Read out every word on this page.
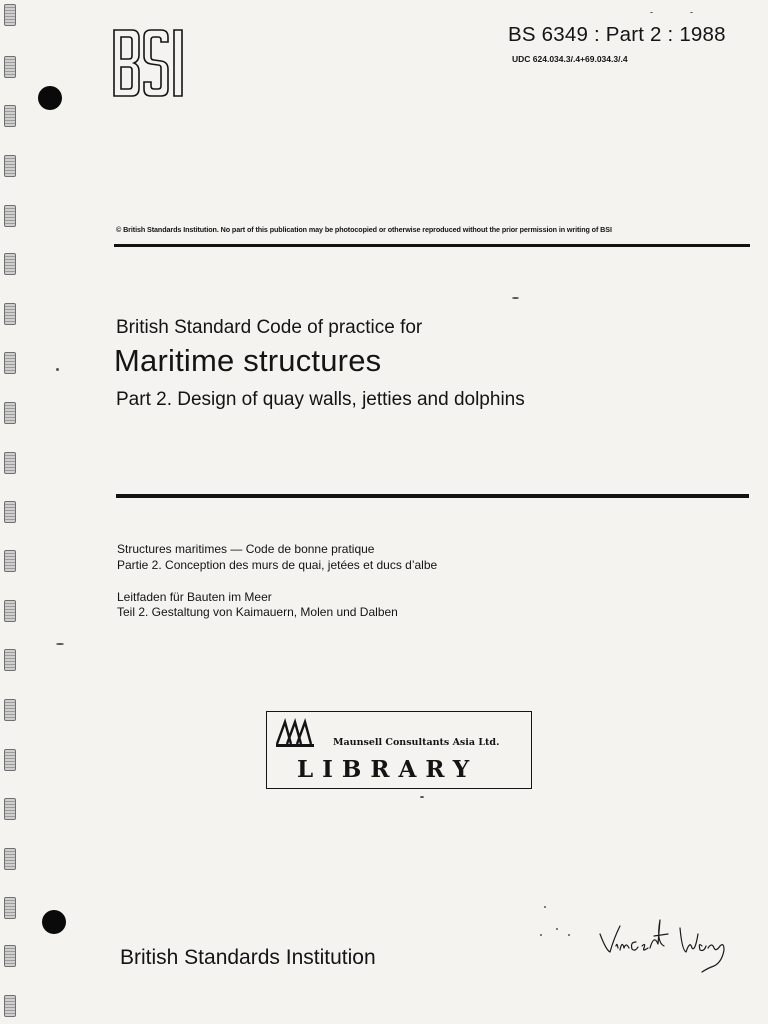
BS 6349 : Part 2 : 1988
UDC 624.034.3/.4+69.034.3/.4
© British Standards Institution. No part of this publication may be photocopied or otherwise reproduced without the prior permission in writing of BSI
British Standard Code of practice for
Maritime structures
Part 2. Design of quay walls, jetties and dolphins
Structures maritimes — Code de bonne pratique
Partie 2. Conception des murs de quai, jetées et ducs d’albe
Leitfaden für Bauten im Meer
Teil 2. Gestaltung von Kaimauern, Molen und Dalben
Maunsell Consultants Asia Ltd.
LIBRARY
British Standards Institution
